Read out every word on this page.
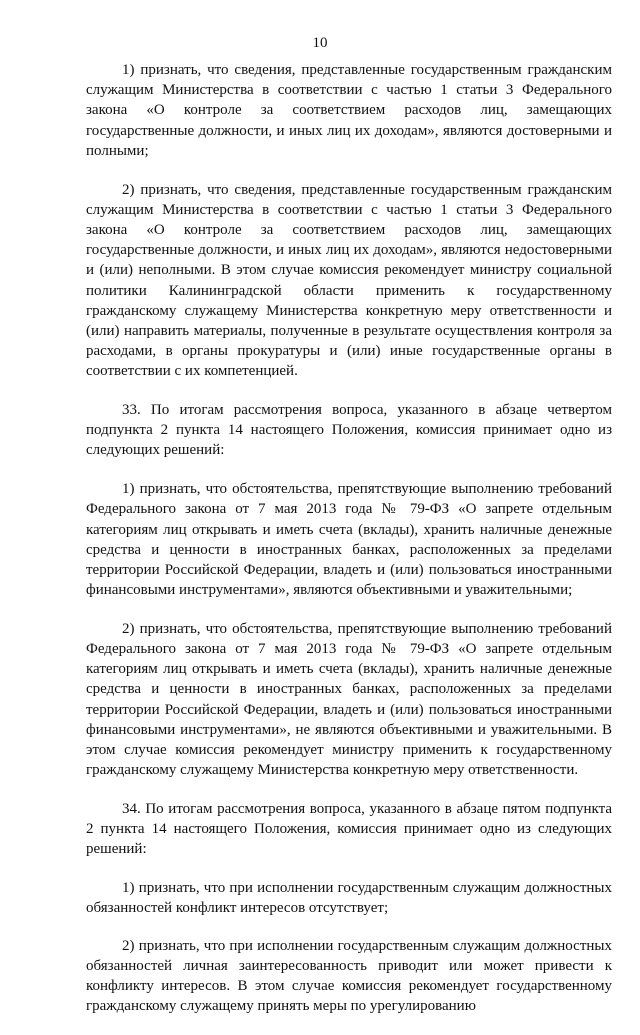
10

1) признать, что сведения, представленные государственным гражданским служащим Министерства в соответствии с частью 1 статьи 3 Федерального закона «О контроле за соответствием расходов лиц, замещающих государственные должности, и иных лиц их доходам», являются достоверными и полными;

2) признать, что сведения, представленные государственным гражданским служащим Министерства в соответствии с частью 1 статьи 3 Федерального закона «О контроле за соответствием расходов лиц, замещающих государственные должности, и иных лиц их доходам», являются недостоверными и (или) неполными. В этом случае комиссия рекомендует министру социальной политики Калининградской области применить к государственному гражданскому служащему Министерства конкретную меру ответственности и (или) направить материалы, полученные в результате осуществления контроля за расходами, в органы прокуратуры и (или) иные государственные органы в соответствии с их компетенцией.

33. По итогам рассмотрения вопроса, указанного в абзаце четвертом подпункта 2 пункта 14 настоящего Положения, комиссия принимает одно из следующих решений:

1) признать, что обстоятельства, препятствующие выполнению требований Федерального закона от 7 мая 2013 года № 79-ФЗ «О запрете отдельным категориям лиц открывать и иметь счета (вклады), хранить наличные денежные средства и ценности в иностранных банках, расположенных за пределами территории Российской Федерации, владеть и (или) пользоваться иностранными финансовыми инструментами», являются объективными и уважительными;

2) признать, что обстоятельства, препятствующие выполнению требований Федерального закона от 7 мая 2013 года № 79-ФЗ «О запрете отдельным категориям лиц открывать и иметь счета (вклады), хранить наличные денежные средства и ценности в иностранных банках, расположенных за пределами территории Российской Федерации, владеть и (или) пользоваться иностранными финансовыми инструментами», не являются объективными и уважительными. В этом случае комиссия рекомендует министру применить к государственному гражданскому служащему Министерства конкретную меру ответственности.

34. По итогам рассмотрения вопроса, указанного в абзаце пятом подпункта 2 пункта 14 настоящего Положения, комиссия принимает одно из следующих решений:

1) признать, что при исполнении государственным служащим должностных обязанностей конфликт интересов отсутствует;

2) признать, что при исполнении государственным служащим должностных обязанностей личная заинтересованность приводит или может привести к конфликту интересов. В этом случае комиссия рекомендует государственному гражданскому служащему принять меры по урегулированию
